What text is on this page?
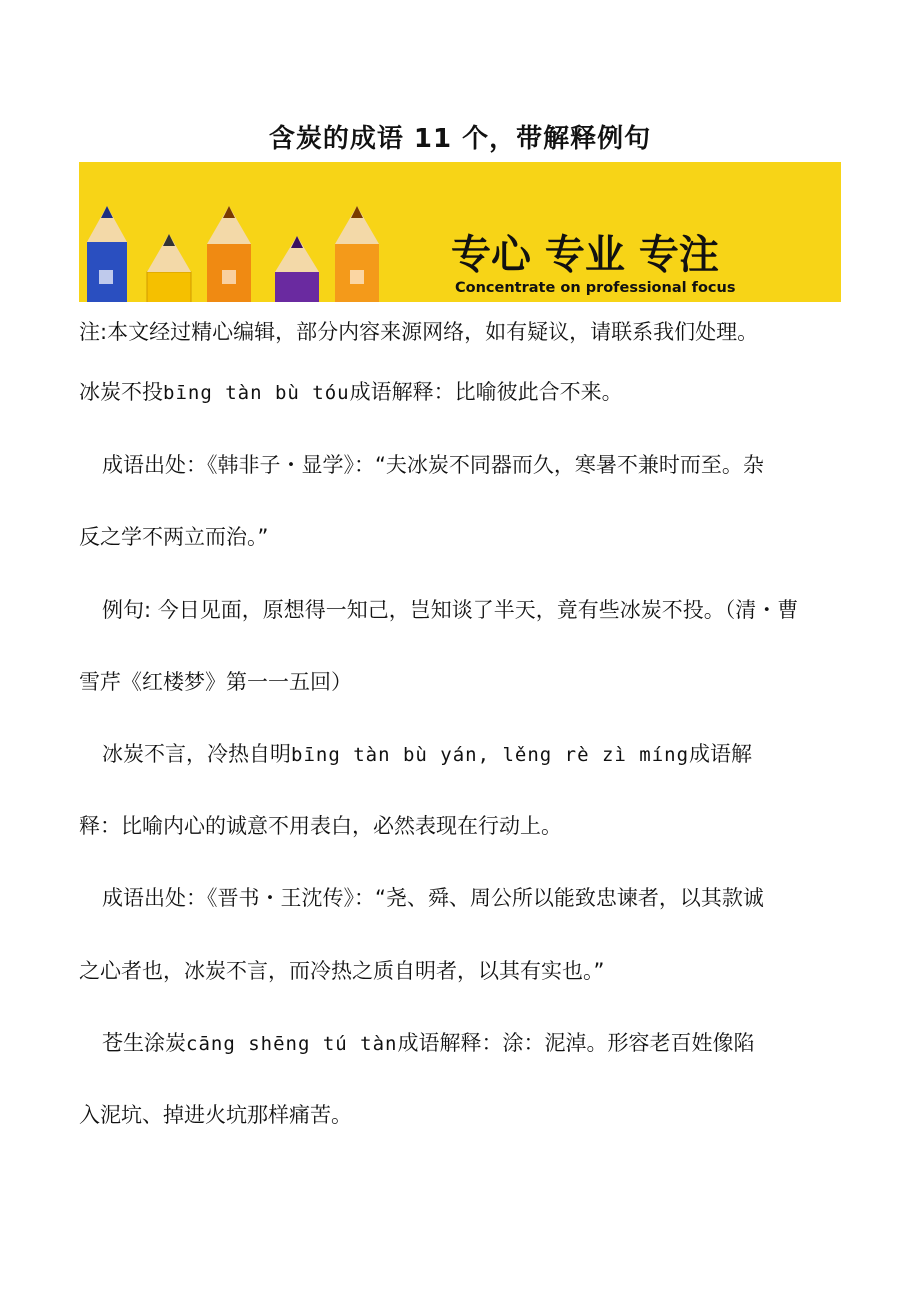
含炭的成语 11 个，带解释例句
专心 专业 专注
Concentrate on professional focus
注:本文经过精心编辑，部分内容来源网络，如有疑议，请联系我们处理。
冰炭不投bīng tàn bù tóu成语解释：比喻彼此合不来。
成语出处：《韩非子・显学》：“夫冰炭不同器而久，寒暑不兼时而至。杂
反之学不两立而治。”
例句: 今日见面，原想得一知己，岂知谈了半天，竟有些冰炭不投。（清・曹
雪芹《红楼梦》第一一五回）
冰炭不言，冷热自明bīng tàn bù yán, lěng rè zì míng成语解
释：比喻内心的诚意不用表白，必然表现在行动上。
成语出处：《晋书・王沈传》：“尧、舜、周公所以能致忠谏者，以其款诚
之心者也，冰炭不言，而冷热之质自明者，以其有实也。”
苍生涂炭cāng shēng tú tàn成语解释：涂：泥淖。形容老百姓像陷
入泥坑、掉进火坑那样痛苦。
